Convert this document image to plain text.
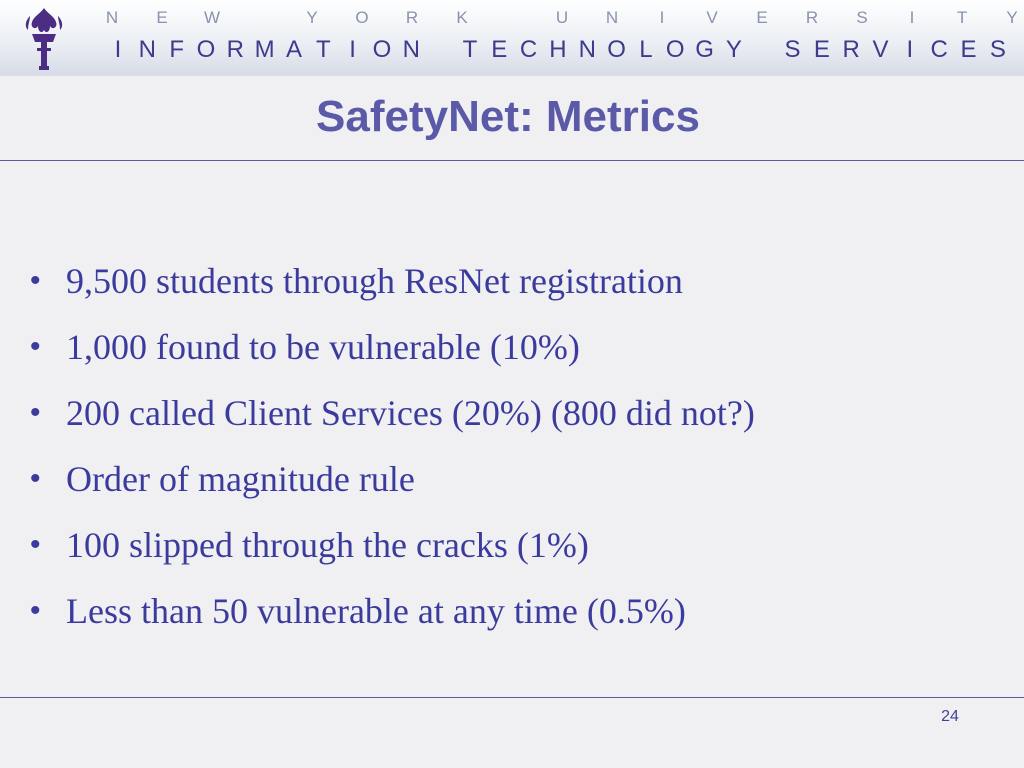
N E W	Y O R K	U N I V E R S I T Y
I N F O R M A T I O N T E C H N O L O G Y S E R V I C E S
SafetyNet: Metrics
• 9,500 students through ResNet registration
• 1,000 found to be vulnerable (10%)
• 200 called Client Services (20%) (800 did not?)
• Order of magnitude rule
• 100 slipped through the cracks (1%)
• Less than 50 vulnerable at any time (0.5%)
24
